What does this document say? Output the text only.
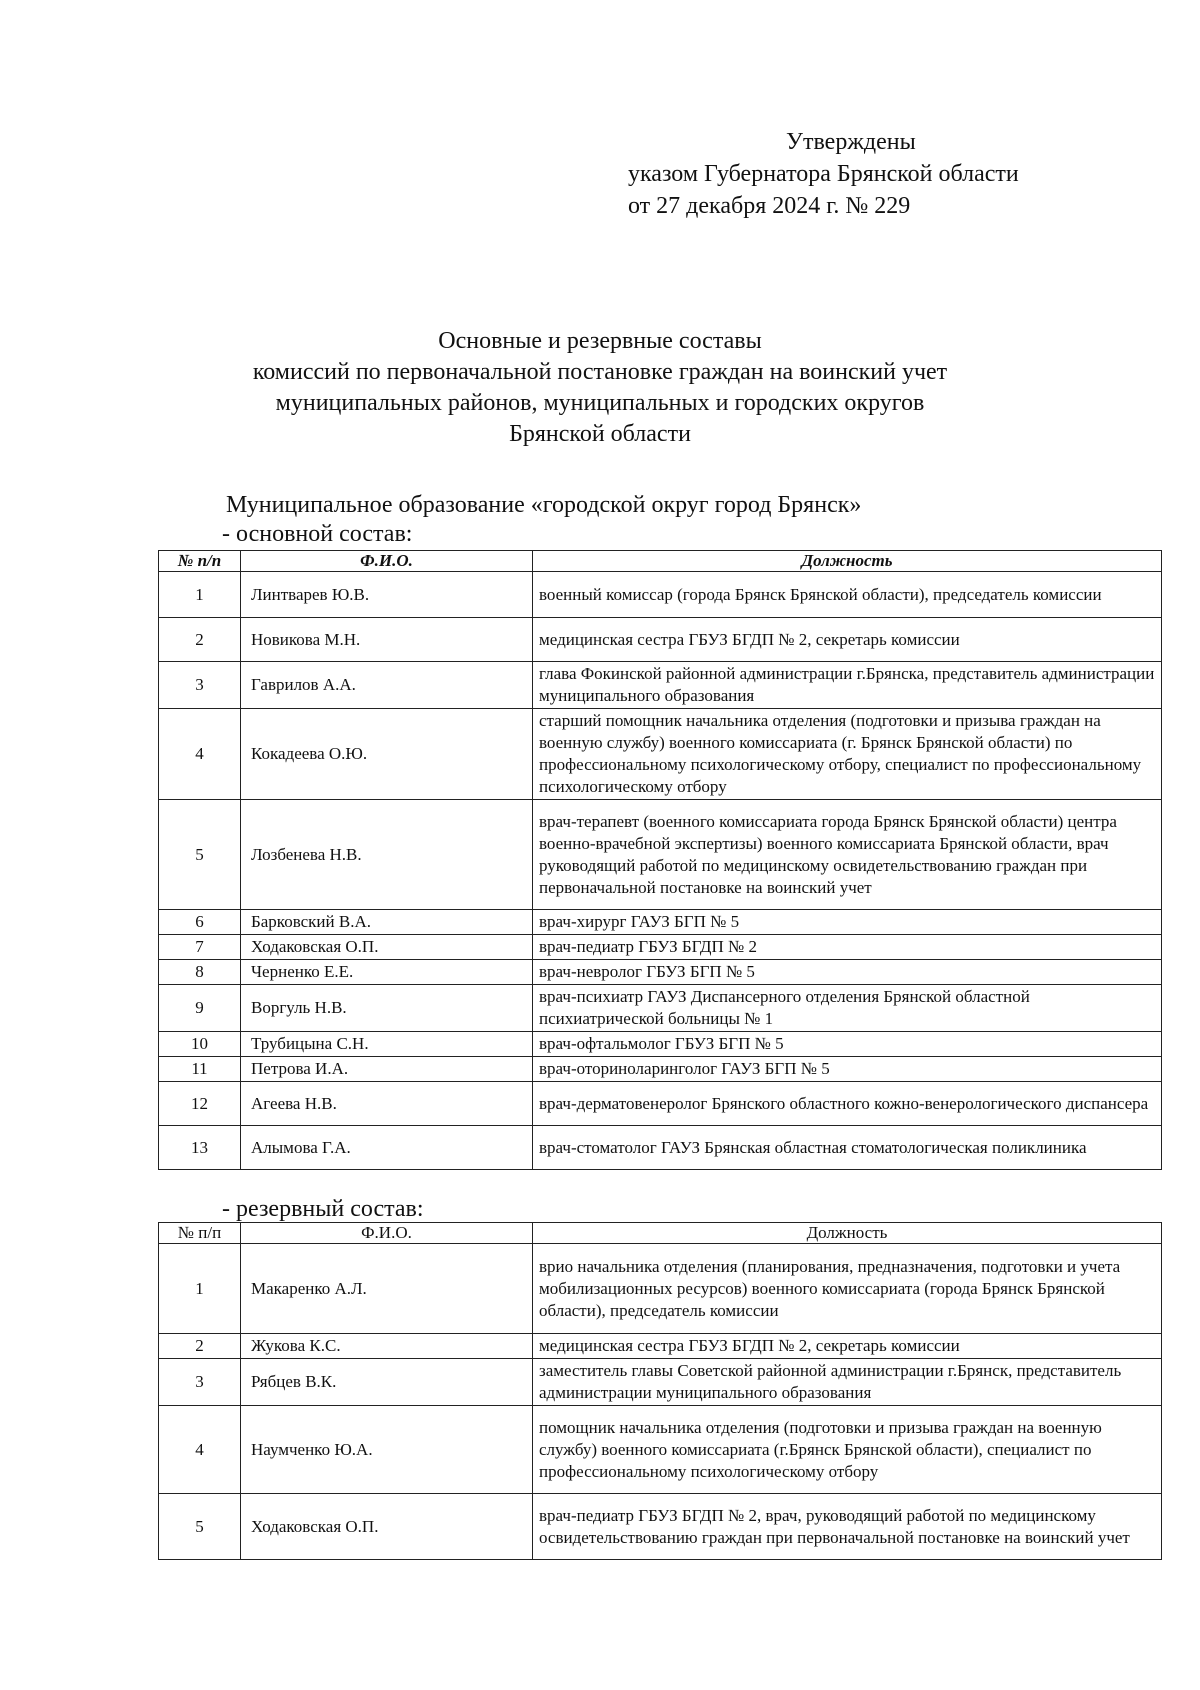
Утверждены
указом Губернатора Брянской области
от 27 декабря 2024 г. № 229
Основные и резервные составы
комиссий по первоначальной постановке граждан на воинский учет
муниципальных районов, муниципальных и городских округов
Брянской области
Муниципальное образование «городской округ город Брянск»
- основной состав:
№ п/п	Ф.И.О.	Должность
1	Линтварев Ю.В.	военный комиссар (города Брянск Брянской области), председатель комиссии
2	Новикова М.Н.	медицинская сестра ГБУЗ БГДП № 2, секретарь комиссии
3	Гаврилов А.А.	глава Фокинской районной администрации г.Брянска, представитель администрации муниципального образования
4	Кокадеева О.Ю.	старший помощник начальника отделения (подготовки и призыва граждан на военную службу) военного комиссариата (г. Брянск Брянской области) по профессиональному психологическому отбору, специалист по профессиональному психологическому отбору
5	Лозбенева Н.В.	врач-терапевт (военного комиссариата города Брянск Брянской области) центра военно-врачебной экспертизы) военного комиссариата Брянской области, врач руководящий работой по медицинскому освидетельствованию граждан при первоначальной постановке на воинский учет
6	Барковский В.А.	врач-хирург ГАУЗ БГП № 5
7	Ходаковская О.П.	врач-педиатр ГБУЗ БГДП № 2
8	Черненко Е.Е.	врач-невролог ГБУЗ БГП № 5
9	Воргуль Н.В.	врач-психиатр ГАУЗ Диспансерного отделения Брянской областной психиатрической больницы № 1
10	Трубицына С.Н.	врач-офтальмолог ГБУЗ БГП № 5
11	Петрова И.А.	врач-оториноларинголог ГАУЗ БГП № 5
12	Агеева Н.В.	врач-дерматовенеролог Брянского областного кожно-венерологического диспансера
13	Алымова Г.А.	врач-стоматолог ГАУЗ Брянская областная стоматологическая поликлиника
- резервный состав:
№ п/п	Ф.И.О.	Должность
1	Макаренко А.Л.	врио начальника отделения (планирования, предназначения, подготовки и учета мобилизационных ресурсов) военного комиссариата (города Брянск Брянской области), председатель комиссии
2	Жукова К.С.	медицинская сестра ГБУЗ БГДП № 2, секретарь комиссии
3	Рябцев В.К.	заместитель главы Советской районной администрации г.Брянск, представитель администрации муниципального образования
4	Наумченко Ю.А.	помощник начальника отделения (подготовки и призыва граждан на военную службу) военного комиссариата (г.Брянск Брянской области), специалист по профессиональному психологическому отбору
5	Ходаковская О.П.	врач-педиатр ГБУЗ БГДП № 2, врач, руководящий работой по медицинскому освидетельствованию граждан при первоначальной постановке на воинский учет
